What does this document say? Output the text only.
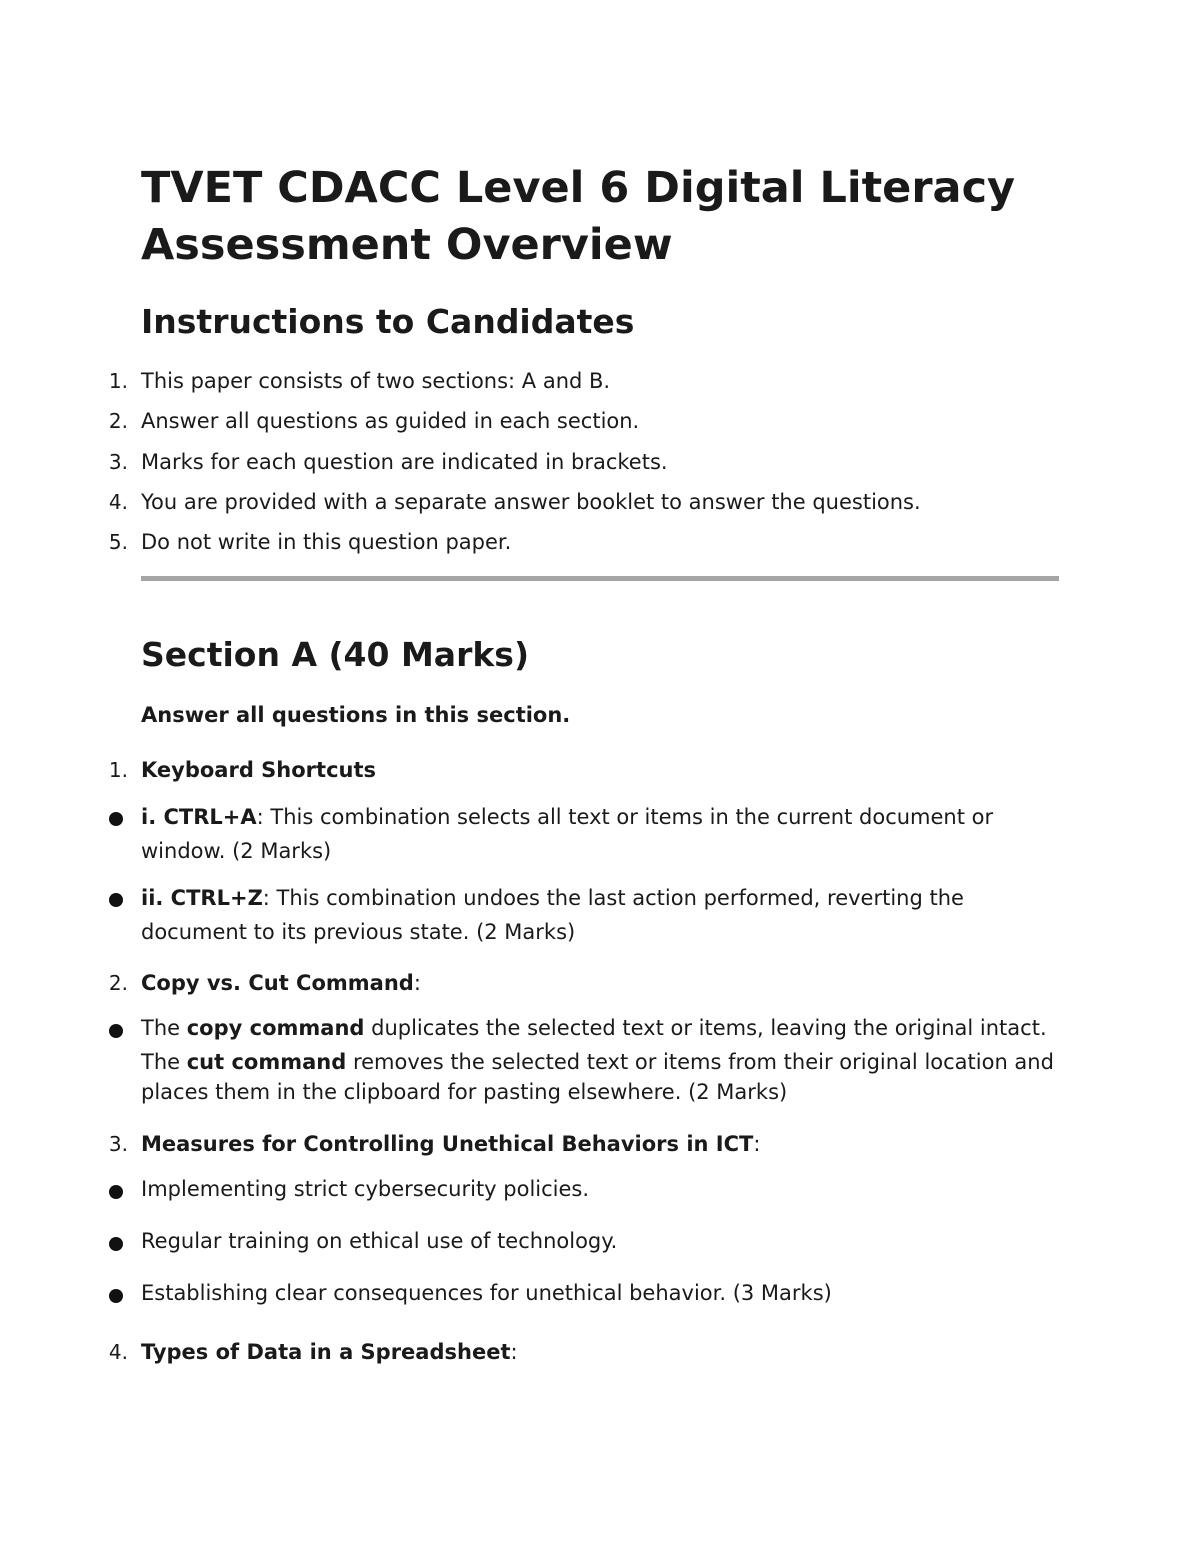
TVET CDACC Level 6 Digital Literacy Assessment Overview
Instructions to Candidates
1. This paper consists of two sections: A and B.
2. Answer all questions as guided in each section.
3. Marks for each question are indicated in brackets.
4. You are provided with a separate answer booklet to answer the questions.
5. Do not write in this question paper.
Section A (40 Marks)
Answer all questions in this section.
1. Keyboard Shortcuts
i. CTRL+A: This combination selects all text or items in the current document or window. (2 Marks)
ii. CTRL+Z: This combination undoes the last action performed, reverting the document to its previous state. (2 Marks)
2. Copy vs. Cut Command:
The copy command duplicates the selected text or items, leaving the original intact.
The cut command removes the selected text or items from their original location and places them in the clipboard for pasting elsewhere. (2 Marks)
3. Measures for Controlling Unethical Behaviors in ICT:
Implementing strict cybersecurity policies.
Regular training on ethical use of technology.
Establishing clear consequences for unethical behavior. (3 Marks)
4. Types of Data in a Spreadsheet:
